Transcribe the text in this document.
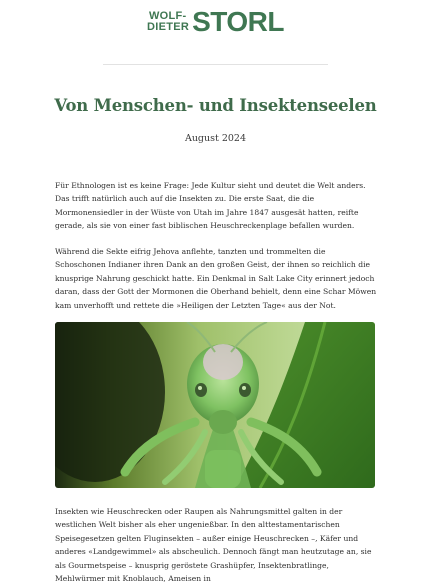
WOLF-
DIETER STORL
Von Menschen- und Insektenseelen
August 2024

Für Ethnologen ist es keine Frage: Jede Kultur sieht und deutet die Welt anders. Das trifft natürlich auch auf die Insekten zu. Die erste Saat, die die Mormonensiedler in der Wüste von Utah im Jahre 1847 ausgesät hatten, reifte gerade, als sie von einer fast biblischen Heuschreckenplage befallen wurden.

Während die Sekte eifrig Jehova anflehte, tanzten und trommelten die Schoschonen Indianer ihren Dank an den großen Geist, der ihnen so reichlich die knusprige Nahrung geschickt hatte. Ein Denkmal in Salt Lake City erinnert jedoch daran, dass der Gott der Mormonen die Oberhand behielt, denn eine Schar Möwen kam unverhofft und rettete die »Heiligen der Letzten Tage« aus der Not.

Insekten wie Heuschrecken oder Raupen als Nahrungsmittel galten in der westlichen Welt bisher als eher ungenießbar. In den alttestamentarischen Speisegesetzen gelten Fluginsekten – außer einige Heuschrecken –, Käfer und anderes «Landgewimmel» als abscheulich. Dennoch fängt man heutzutage an, sie als Gourmetspeise – knusprig geröstete Grashüpfer, Insektenbratlinge, Mehlwürmer mit Knoblauch, Ameisen in
